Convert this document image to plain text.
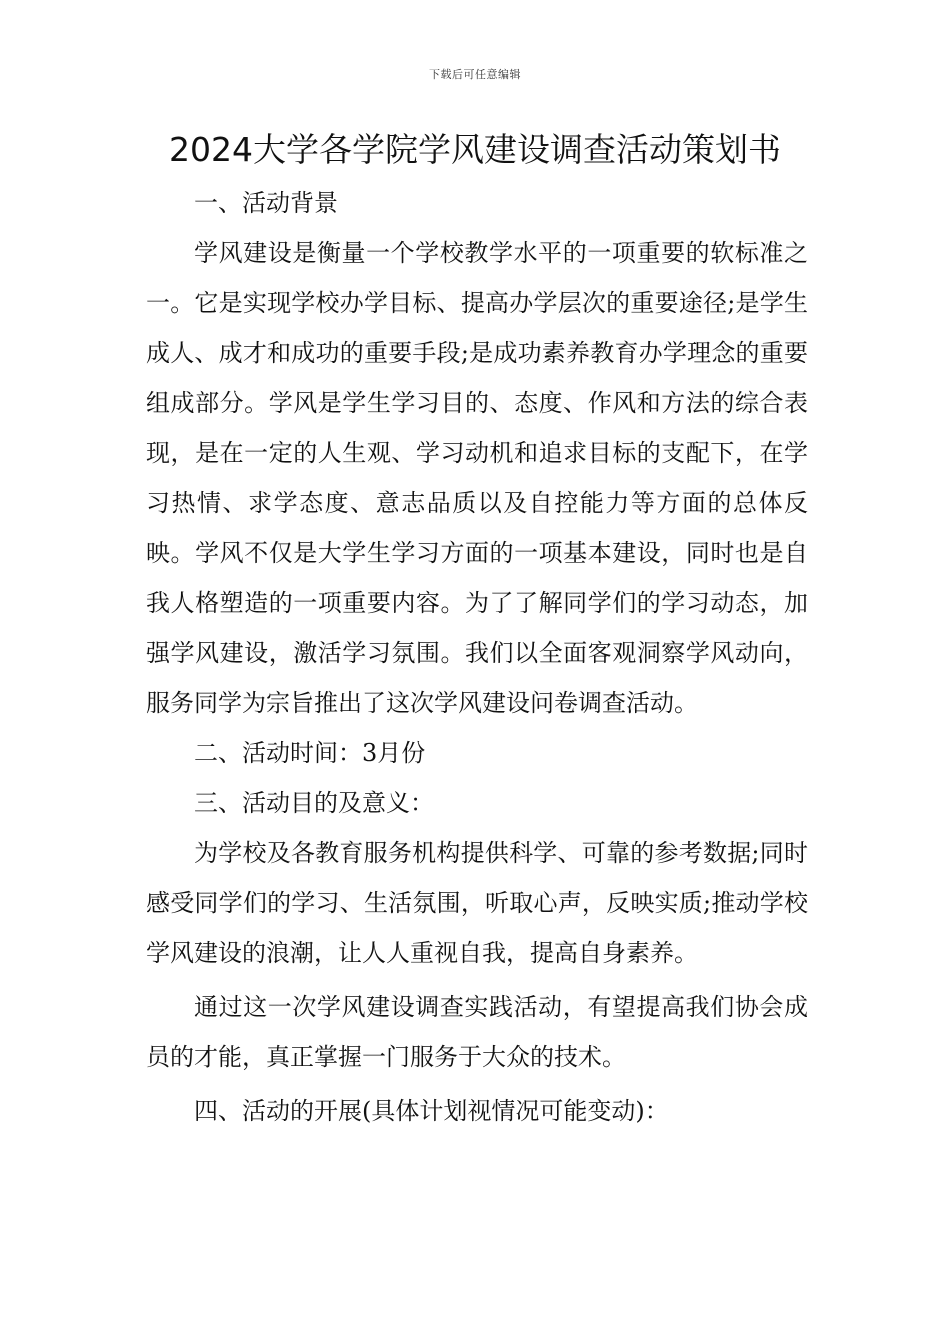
下载后可任意编辑
2024大学各学院学风建设调查活动策划书

一、活动背景

学风建设是衡量一个学校教学水平的一项重要的软标准之一。它是实现学校办学目标、提高办学层次的重要途径;是学生成人、成才和成功的重要手段;是成功素养教育办学理念的重要组成部分。学风是学生学习目的、态度、作风和方法的综合表现，是在一定的人生观、学习动机和追求目标的支配下，在学习热情、求学态度、意志品质以及自控能力等方面的总体反映。学风不仅是大学生学习方面的一项基本建设，同时也是自我人格塑造的一项重要内容。为了了解同学们的学习动态，加强学风建设，激活学习氛围。我们以全面客观洞察学风动向，服务同学为宗旨推出了这次学风建设问卷调查活动。

二、活动时间：3月份

三、活动目的及意义：

为学校及各教育服务机构提供科学、可靠的参考数据;同时感受同学们的学习、生活氛围，听取心声，反映实质;推动学校学风建设的浪潮，让人人重视自我，提高自身素养。

通过这一次学风建设调查实践活动，有望提高我们协会成员的才能，真正掌握一门服务于大众的技术。

四、活动的开展(具体计划视情况可能变动)：
